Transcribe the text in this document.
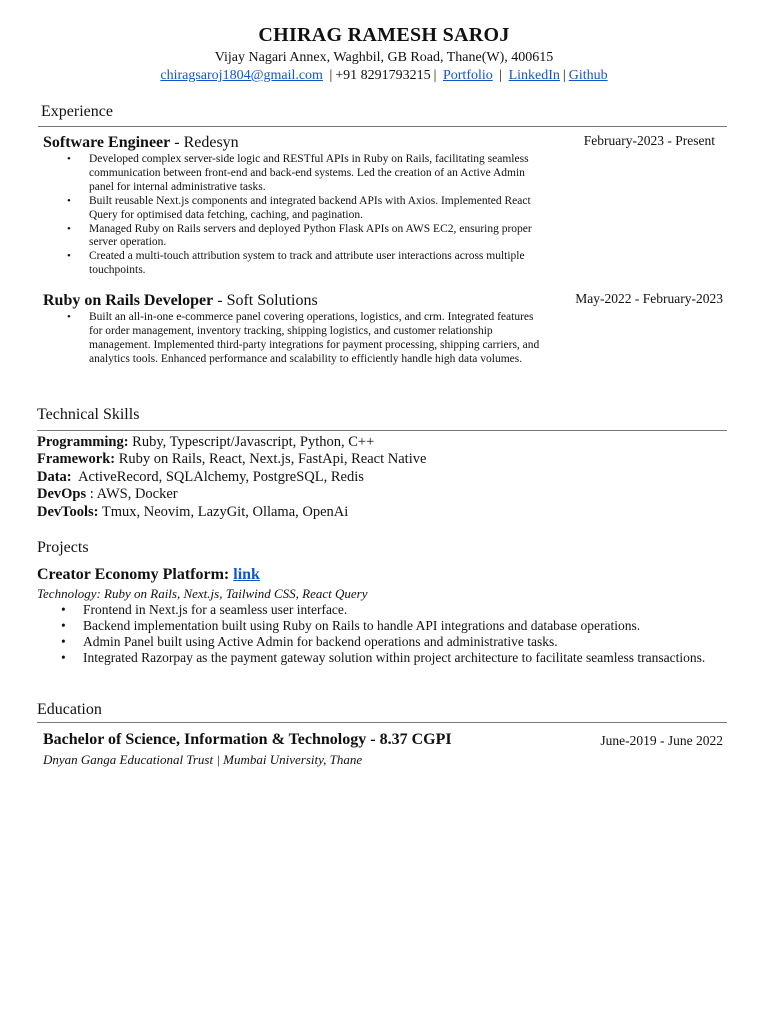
CHIRAG RAMESH SAROJ
Vijay Nagari Annex, Waghbil, GB Road, Thane(W), 400615
chiragsaroj1804@gmail.com | +91 8291793215 | Portfolio | LinkedIn | Github
Experience
Software Engineer - Redesyn	February-2023 - Present
• Developed complex server-side logic and RESTful APIs in Ruby on Rails, facilitating seamless communication between front-end and back-end systems. Led the creation of an Active Admin panel for internal administrative tasks.
• Built reusable Next.js components and integrated backend APIs with Axios. Implemented React Query for optimised data fetching, caching, and pagination.
• Managed Ruby on Rails servers and deployed Python Flask APIs on AWS EC2, ensuring proper server operation.
• Created a multi-touch attribution system to track and attribute user interactions across multiple touchpoints.
Ruby on Rails Developer - Soft Solutions	May-2022 - February-2023
• Built an all-in-one e-commerce panel covering operations, logistics, and crm. Integrated features for order management, inventory tracking, shipping logistics, and customer relationship management. Implemented third-party integrations for payment processing, shipping carriers, and analytics tools. Enhanced performance and scalability to efficiently handle high data volumes.
Technical Skills
Programming: Ruby, Typescript/Javascript, Python, C++
Framework: Ruby on Rails, React, Next.js, FastApi, React Native
Data:  ActiveRecord, SQLAlchemy, PostgreSQL, Redis
DevOps : AWS, Docker
DevTools: Tmux, Neovim, LazyGit, Ollama, OpenAi
Projects
Creator Economy Platform: link
Technology: Ruby on Rails, Next.js, Tailwind CSS, React Query
• Frontend in Next.js for a seamless user interface.
• Backend implementation built using Ruby on Rails to handle API integrations and database operations.
• Admin Panel built using Active Admin for backend operations and administrative tasks.
• Integrated Razorpay as the payment gateway solution within project architecture to facilitate seamless transactions.
Education
Bachelor of Science, Information & Technology - 8.37 CGPI	June-2019 - June 2022
Dnyan Ganga Educational Trust | Mumbai University, Thane
